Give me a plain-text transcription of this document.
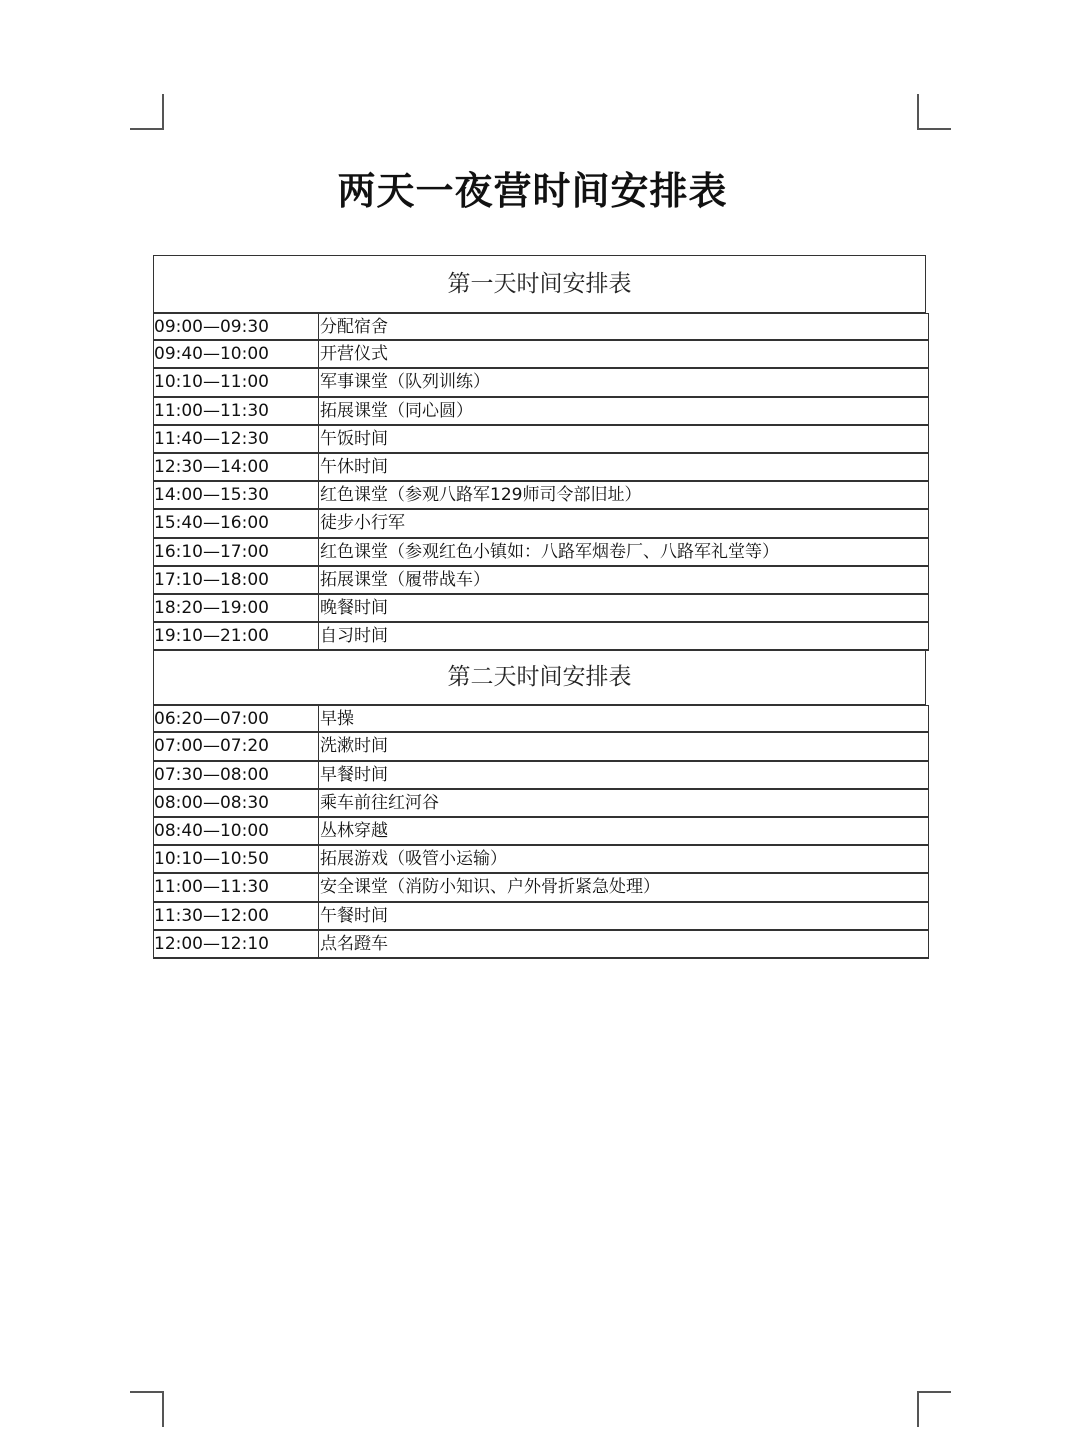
两天一夜营时间安排表
第一天时间安排表
09:00—09:30	分配宿舍
09:40—10:00	开营仪式
10:10—11:00	军事课堂（队列训练）
11:00—11:30	拓展课堂（同心圆）
11:40—12:30	午饭时间
12:30—14:00	午休时间
14:00—15:30	红色课堂（参观八路军129师司令部旧址）
15:40—16:00	徒步小行军
16:10—17:00	红色课堂（参观红色小镇如：八路军烟卷厂、八路军礼堂等）
17:10—18:00	拓展课堂（履带战车）
18:20—19:00	晚餐时间
19:10—21:00	自习时间
第二天时间安排表
06:20—07:00	早操
07:00—07:20	洗漱时间
07:30—08:00	早餐时间
08:00—08:30	乘车前往红河谷
08:40—10:00	丛林穿越
10:10—10:50	拓展游戏（吸管小运输）
11:00—11:30	安全课堂（消防小知识、户外骨折紧急处理）
11:30—12:00	午餐时间
12:00—12:10	点名蹬车
